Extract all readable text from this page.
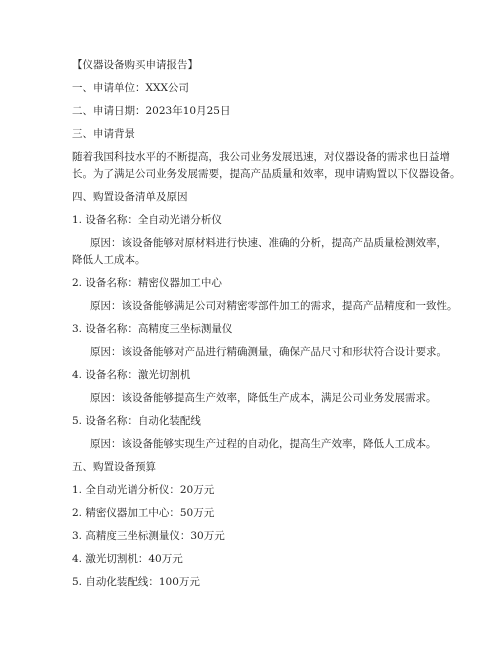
【仪器设备购买申请报告】
一、申请单位：XXX公司
二、申请日期：2023年10月25日
三、申请背景
随着我国科技水平的不断提高，我公司业务发展迅速，对仪器设备的需求也日益增
长。为了满足公司业务发展需要，提高产品质量和效率，现申请购置以下仪器设备。
四、购置设备清单及原因
1. 设备名称：全自动光谱分析仪
原因：该设备能够对原材料进行快速、准确的分析，提高产品质量检测效率，
降低人工成本。
2. 设备名称：精密仪器加工中心
原因：该设备能够满足公司对精密零部件加工的需求，提高产品精度和一致性。
3. 设备名称：高精度三坐标测量仪
原因：该设备能够对产品进行精确测量，确保产品尺寸和形状符合设计要求。
4. 设备名称：激光切割机
原因：该设备能够提高生产效率，降低生产成本，满足公司业务发展需求。
5. 设备名称：自动化装配线
原因：该设备能够实现生产过程的自动化，提高生产效率，降低人工成本。
五、购置设备预算
1. 全自动光谱分析仪：20万元
2. 精密仪器加工中心：50万元
3. 高精度三坐标测量仪：30万元
4. 激光切割机：40万元
5. 自动化装配线：100万元
